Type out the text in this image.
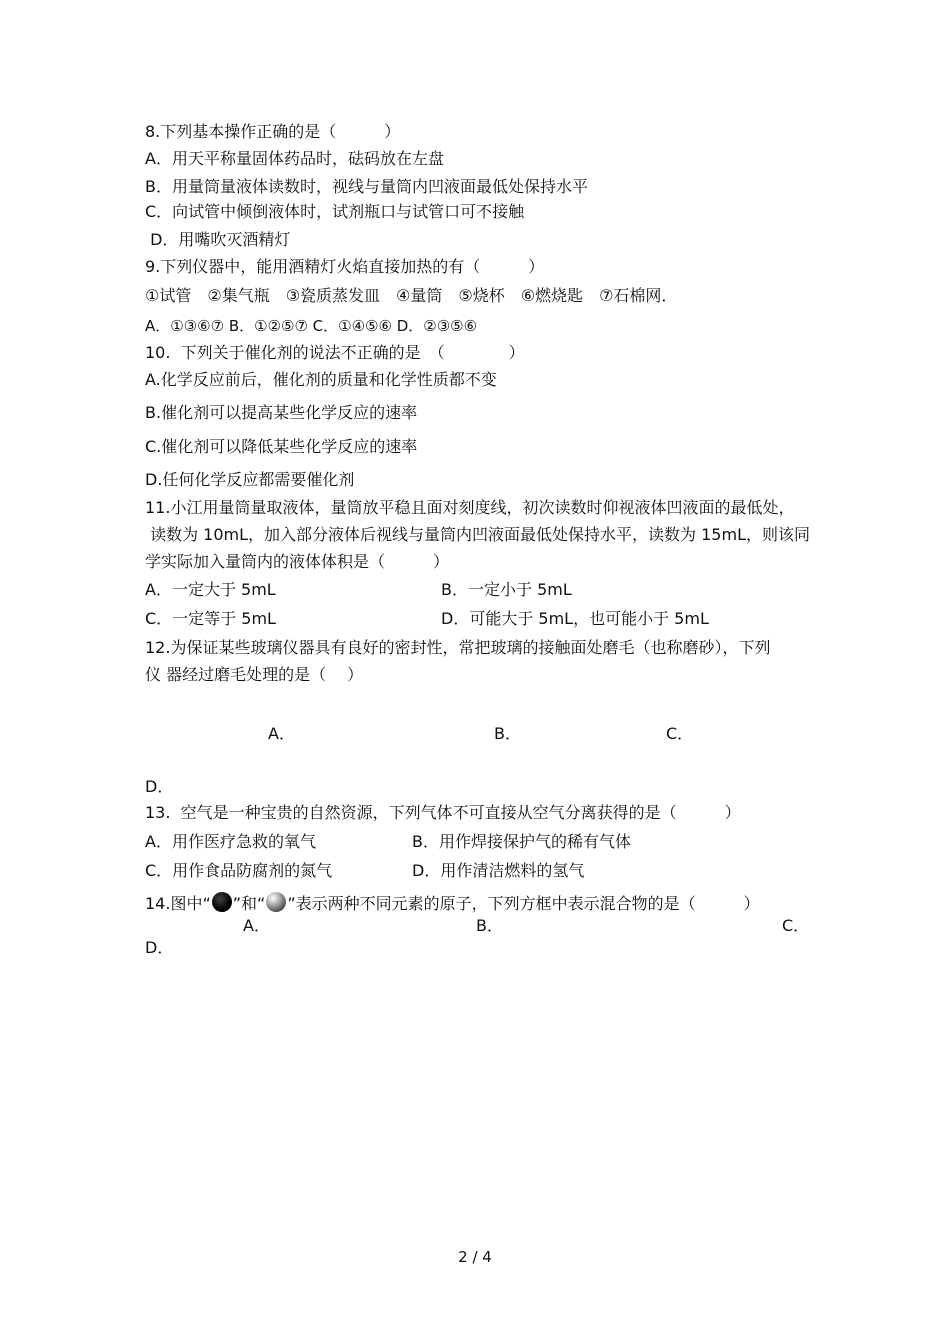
8.下列基本操作正确的是（　　　）
A．用天平称量固体药品时，砝码放在左盘
B．用量筒量液体读数时，视线与量筒内凹液面最低处保持水平
C．向试管中倾倒液体时，试剂瓶口与试管口可不接触
D．用嘴吹灭酒精灯
9.下列仪器中，能用酒精灯火焰直接加热的有（　　　）
①试管　②集气瓶　③瓷质蒸发皿　④量筒　⑤烧杯　⑥燃烧匙　⑦石棉网．
A．①③⑥⑦ B．①②⑤⑦ C．①④⑤⑥ D．②③⑤⑥
10.  下列关于催化剂的说法不正确的是　（　　　　）
A.化学反应前后，催化剂的质量和化学性质都不变
B.催化剂可以提高某些化学反应的速率
C.催化剂可以降低某些化学反应的速率
D.任何化学反应都需要催化剂
11.小江用量筒量取液体，量筒放平稳且面对刻度线，初次读数时仰视液体凹液面的最低处，
读数为 10mL，加入部分液体后视线与量筒内凹液面最低处保持水平，读数为 15mL，则该同
学实际加入量筒内的液体体积是（　　　）
A．一定大于 5mL	B．一定小于 5mL
C．一定等于 5mL	D．可能大于 5mL，也可能小于 5mL
12.为保证某些玻璃仪器具有良好的密封性，常把玻璃的接触面处磨毛（也称磨砂），下列
仪 器经过磨毛处理的是（　 ）
A．	B．	C．
D．
13.  空气是一种宝贵的自然资源，下列气体不可直接从空气分离获得的是（　　　）
A．用作医疗急救的氧气	B．用作焊接保护气的稀有气体
C．用作食品防腐剂的氮气	D．用作清洁燃料的氢气
14.图中“ ”和“ ”表示两种不同元素的原子，下列方框中表示混合物的是（　　　）
A．	B．	C．
D．
2 / 4
